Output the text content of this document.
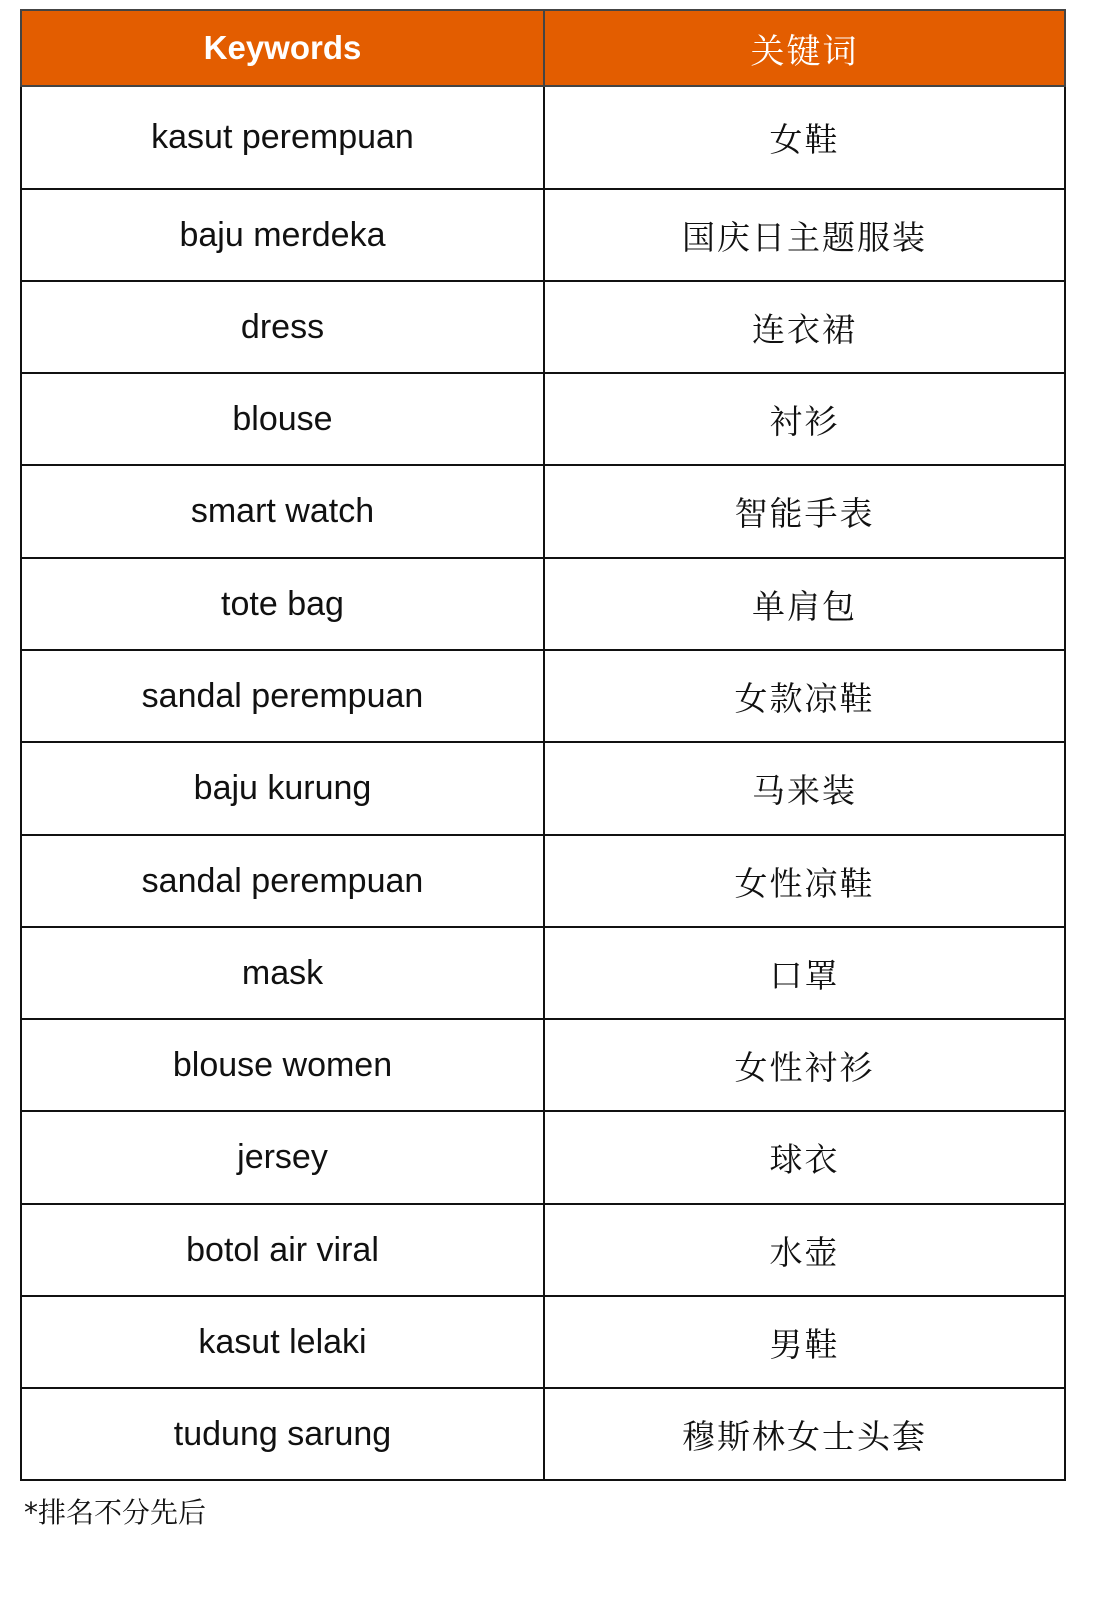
Keywords	关键词
kasut perempuan	女鞋
baju merdeka	国庆日主题服装
dress	连衣裙
blouse	衬衫
smart watch	智能手表
tote bag	单肩包
sandal perempuan	女款凉鞋
baju kurung	马来装
sandal perempuan	女性凉鞋
mask	口罩
blouse women	女性衬衫
jersey	球衣
botol air viral	水壶
kasut lelaki	男鞋
tudung sarung	穆斯林女士头套
*排名不分先后
